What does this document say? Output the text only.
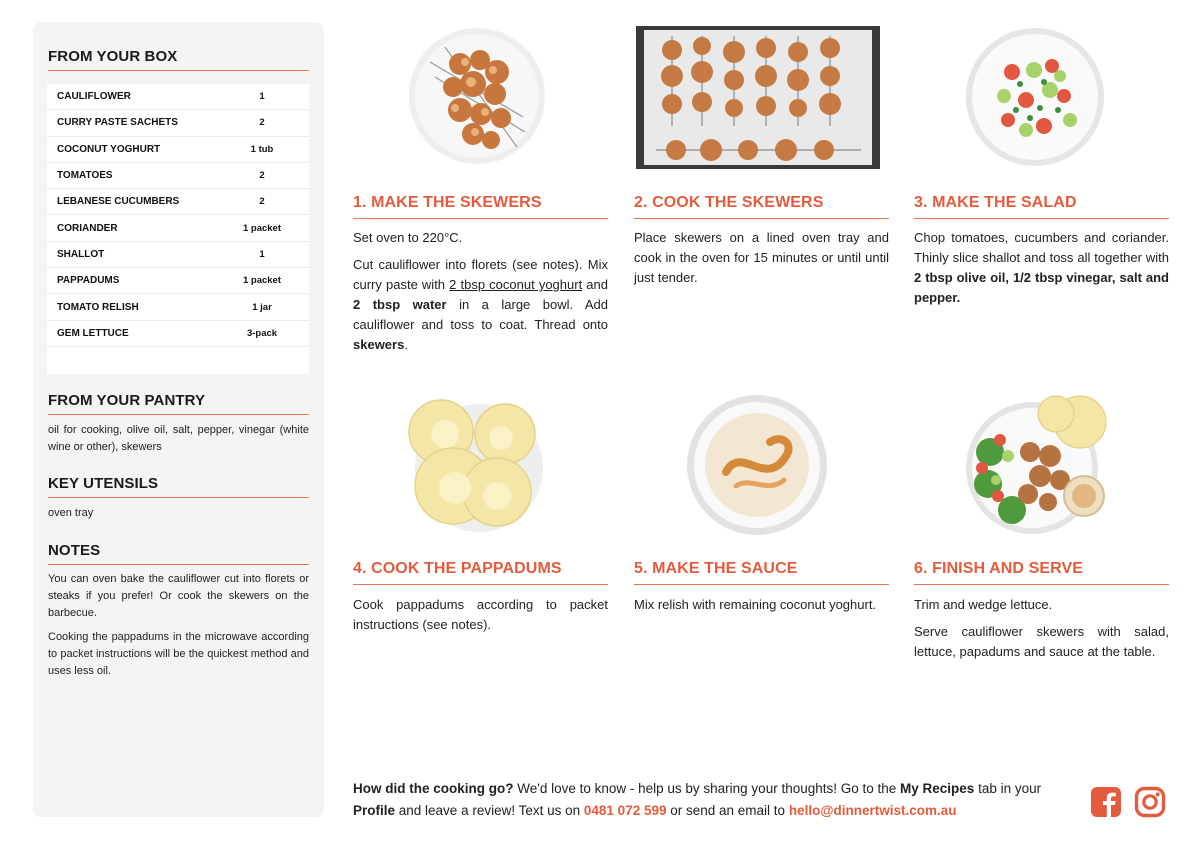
FROM YOUR BOX
CAULIFLOWER	1
CURRY PASTE SACHETS	2
COCONUT YOGHURT	1 tub
TOMATOES	2
LEBANESE CUCUMBERS	2
CORIANDER	1 packet
SHALLOT	1
PAPPADUMS	1 packet
TOMATO RELISH	1 jar
GEM LETTUCE	3-pack
FROM YOUR PANTRY
oil for cooking, olive oil, salt, pepper, vinegar (white wine or other), skewers
KEY UTENSILS
oven tray
NOTES

You can oven bake the cauliflower cut into florets or steaks if you prefer! Or cook the skewers on the barbecue.

Cooking the pappadums in the microwave according to packet instructions will be the quickest method and uses less oil.

1. MAKE THE SKEWERS

Set oven to 220°C.

Cut cauliflower into florets (see notes). Mix curry paste with 2 tbsp coconut yoghurt and 2 tbsp water in a large bowl. Add cauliflower and toss to coat. Thread onto skewers.

2. COOK THE SKEWERS

Place skewers on a lined oven tray and cook in the oven for 15 minutes or until until just tender.

3. MAKE THE SALAD

Chop tomatoes, cucumbers and coriander. Thinly slice shallot and toss all together with 2 tbsp olive oil, 1/2 tbsp vinegar, salt and pepper.

4. COOK THE PAPPADUMS

Cook pappadums according to packet instructions (see notes).

5. MAKE THE SAUCE

Mix relish with remaining coconut yoghurt.

6. FINISH AND SERVE

Trim and wedge lettuce.

Serve cauliflower skewers with salad, lettuce, papadums and sauce at the table.

How did the cooking go? We'd love to know - help us by sharing your thoughts! Go to the My Recipes tab in your Profile and leave a review! Text us on 0481 072 599 or send an email to hello@dinnertwist.com.au
